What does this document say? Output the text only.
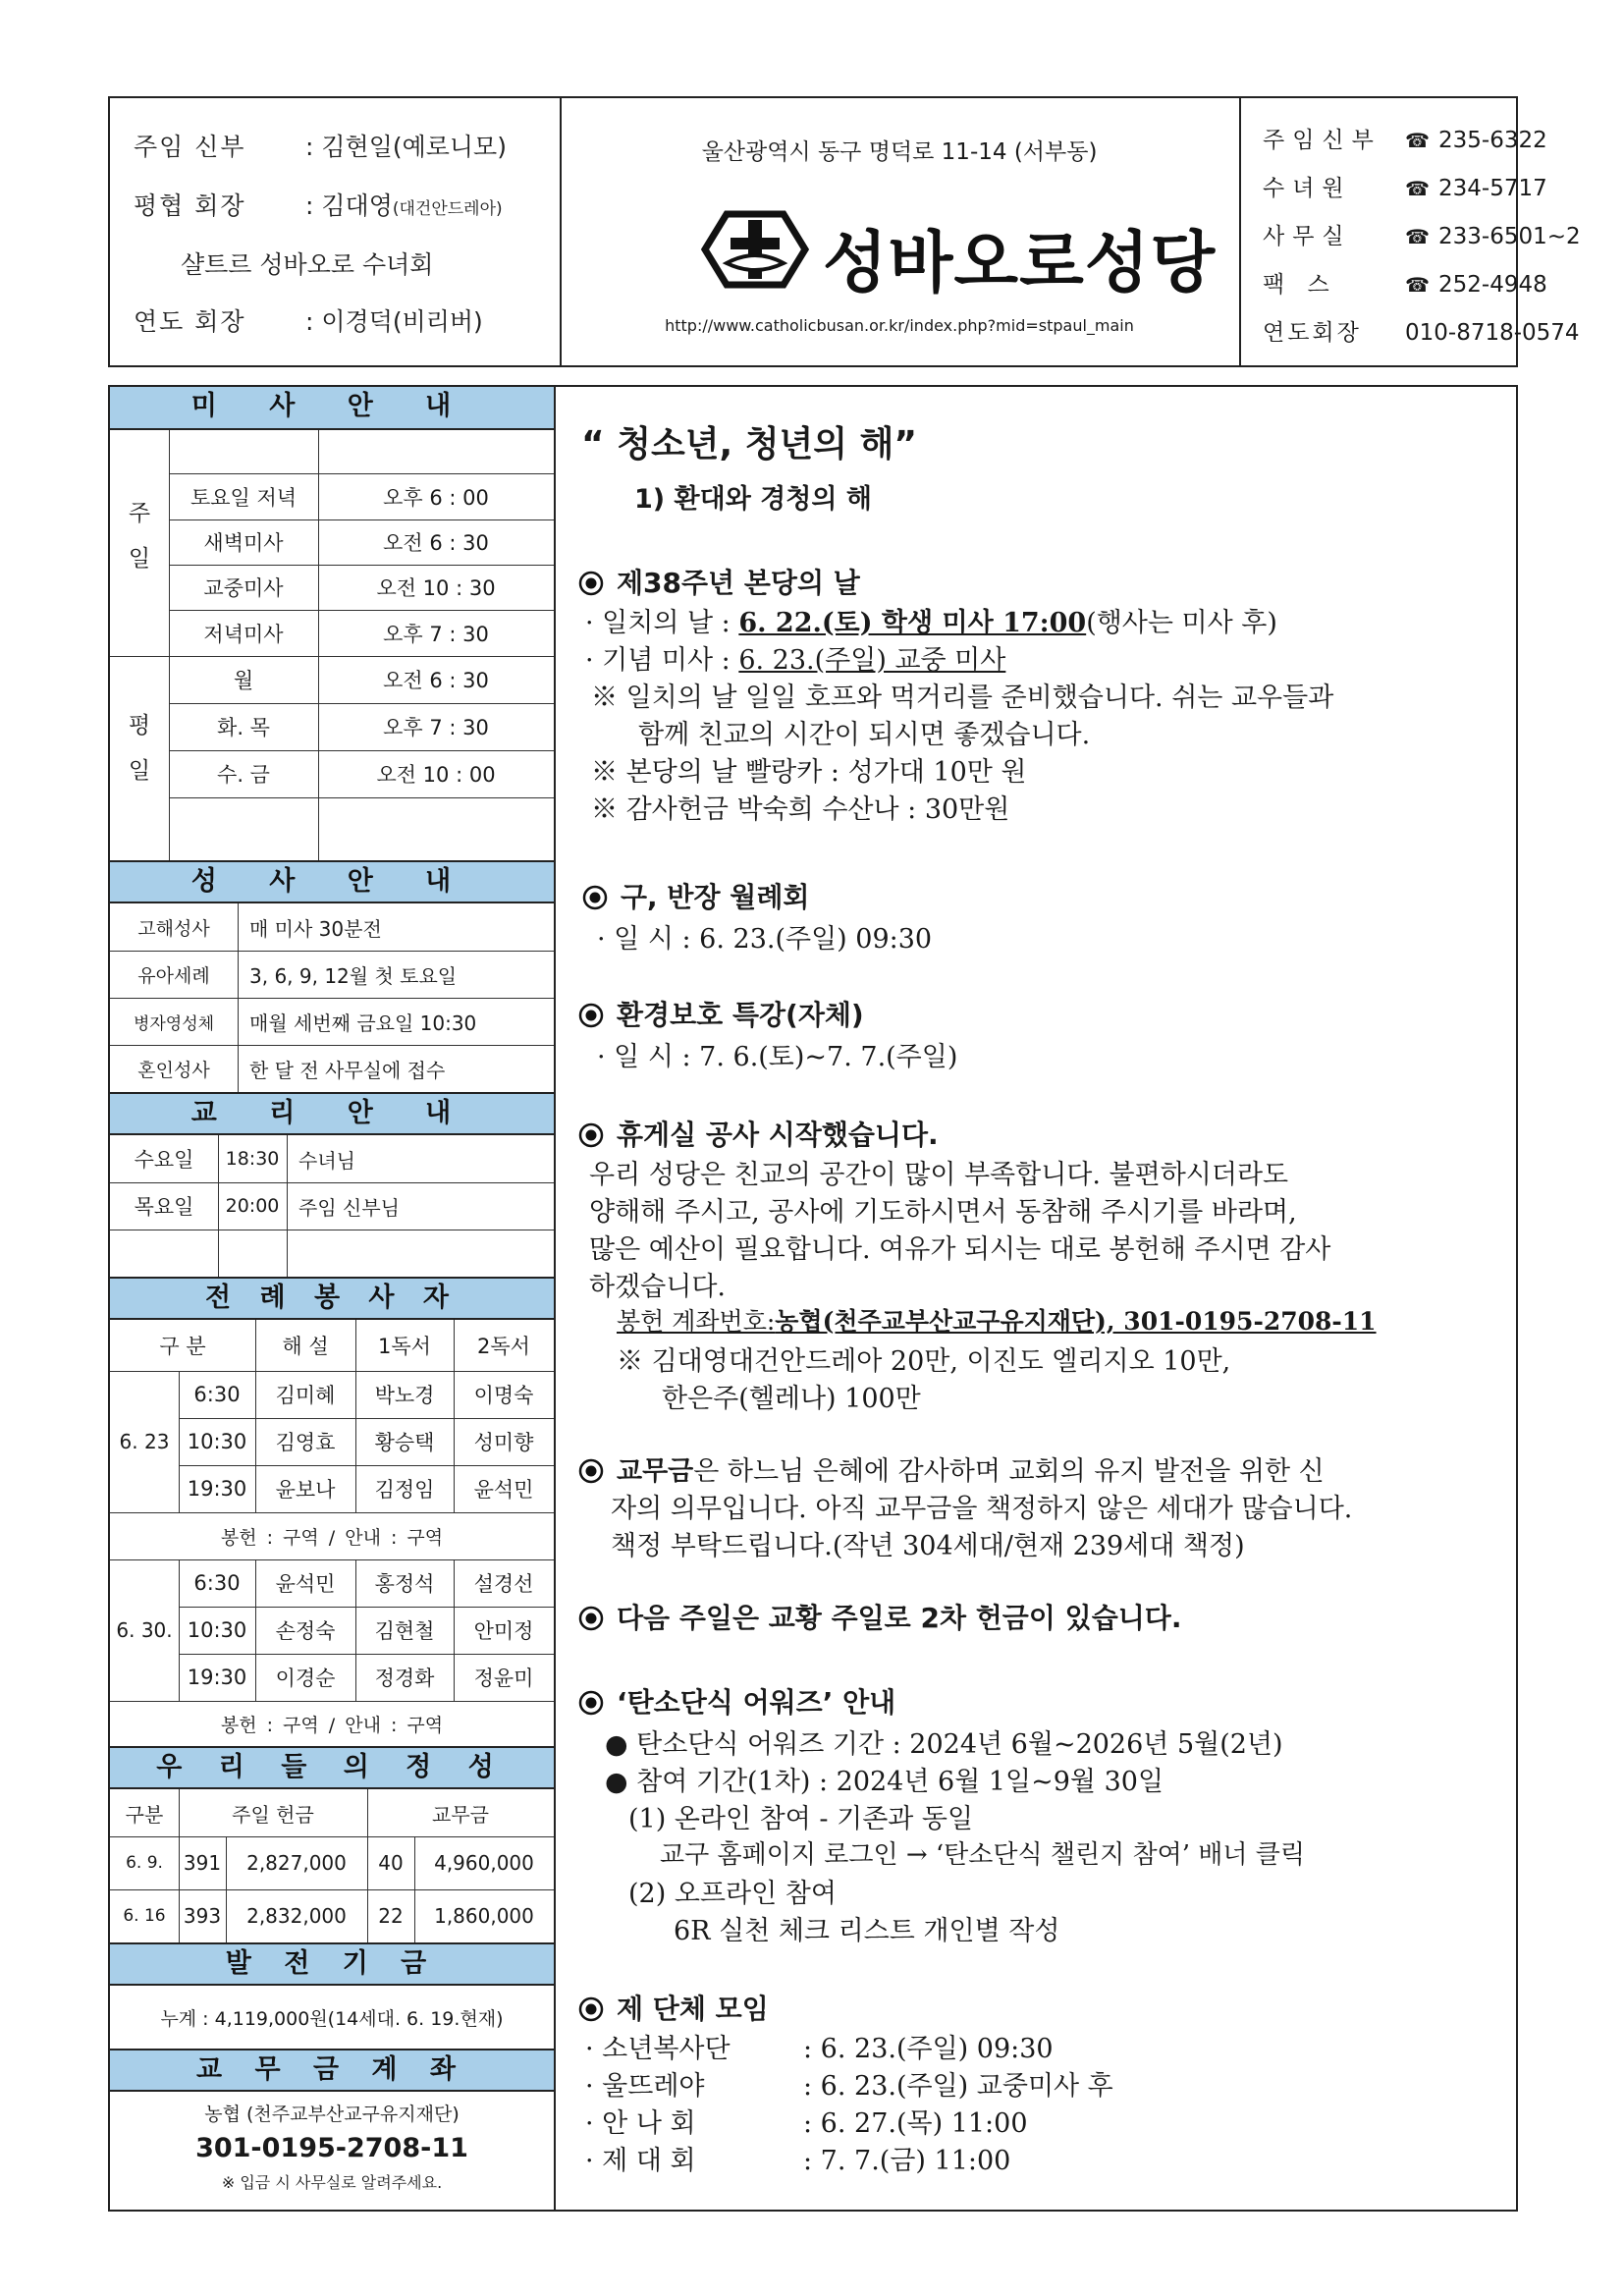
주임 신부 : 김현일(예로니모)
평협 회장 : 김대영(대건안드레아)
샬트르 성바오로 수녀회
연도 회장 : 이경덕(비리버)
울산광역시 동구 명덕로 11-14 (서부동)
성바오로성당
http://www.catholicbusan.or.kr/index.php?mid=stpaul_main
주임신부 ☎ 235-6322
수녀원	☎ 234-5717
사무실	☎ 233-6501~2
팩 스	☎ 252-4948
연도회장 010-8718-0574
미 사 안 내
주

일
토요일 저녁	오후 6 : 00
새벽미사	오전 6 : 30
교중미사	오전 10 : 30
저녁미사	오후 7 : 30
평

일
월	오전 6 : 30
화. 목	오후 7 : 30
수. 금	오전 10 : 00
성 사 안 내
고해성사	매 미사 30분전
유아세례	3, 6, 9, 12월 첫 토요일
병자영성체	매월 세번째 금요일 10:30
혼인성사	한 달 전 사무실에 접수
교 리 안 내
수요일	18:30 수녀님
목요일	20:00 주임 신부님
전 례 봉 사 자
구 분	해 설	1독서	2독서
6. 23
6:30	김미혜	박노경	이명숙
10:30	김영효	황승택	성미향
19:30	윤보나	김정임	윤석민
봉헌 : 구역 / 안내 : 구역
6. 30.
6:30	윤석민	홍정석	설경선
10:30	손정숙	김현철	안미정
19:30	이경순	정경화	정윤미
봉헌 : 구역 / 안내 : 구역
우 리 들 의 정 성
구분	주일 헌금	교무금
6. 9.	391	2,827,000	40	4,960,000
6. 16 393	2,832,000	22	1,860,000
발 전 기 금
누계 : 4,119,000원(14세대. 6. 19.현재)
교 무 금 계 좌
농협 (천주교부산교구유지재단)
301-0195-2708-11
※ 입금 시 사무실로 알려주세요.
“ 청소년, 청년의 해”
1) 환대와 경청의 해
제38주년 본당의 날
· 일치의 날 : 6. 22.(토) 학생 미사 17:00(행사는 미사 후)
· 기념 미사 : 6. 23.(주일) 교중 미사
※ 일치의 날 일일 호프와 먹거리를 준비했습니다. 쉬는 교우들과
함께 친교의 시간이 되시면 좋겠습니다.
※ 본당의 날 빨랑카 : 성가대 10만 원
※ 감사헌금 박숙희 수산나 : 30만원
구, 반장 월례회
· 일 시 : 6. 23.(주일) 09:30
환경보호 특강(자체)
· 일 시 : 7. 6.(토)~7. 7.(주일)
휴게실 공사 시작했습니다.
우리 성당은 친교의 공간이 많이 부족합니다. 불편하시더라도
양해해 주시고, 공사에 기도하시면서 동참해 주시기를 바라며,
많은 예산이 필요합니다. 여유가 되시는 대로 봉헌해 주시면 감사
하겠습니다.
봉헌 계좌번호:농협(천주교부산교구유지재단), 301-0195-2708-11
※ 김대영대건안드레아 20만, 이진도 엘리지오 10만,
한은주(헬레나) 100만
교무금은 하느님 은혜에 감사하며 교회의 유지 발전을 위한 신
자의 의무입니다. 아직 교무금을 책정하지 않은 세대가 많습니다.
책정 부탁드립니다.(작년 304세대/현재 239세대 책정)
다음 주일은 교황 주일로 2차 헌금이 있습니다.
‘탄소단식 어워즈’ 안내
● 탄소단식 어워즈 기간 : 2024년 6월~2026년 5월(2년)
● 참여 기간(1차) : 2024년 6월 1일~9월 30일
(1) 온라인 참여 - 기존과 동일
교구 홈페이지 로그인 → ‘탄소단식 챌린지 참여’ 배너 클릭
(2) 오프라인 참여
6R 실천 체크 리스트 개인별 작성
제 단체 모임
· 소년복사단	: 6. 23.(주일) 09:30
· 울뜨레야	: 6. 23.(주일) 교중미사 후
· 안 나 회	: 6. 27.(목) 11:00
· 제 대 회	: 7. 7.(금) 11:00
